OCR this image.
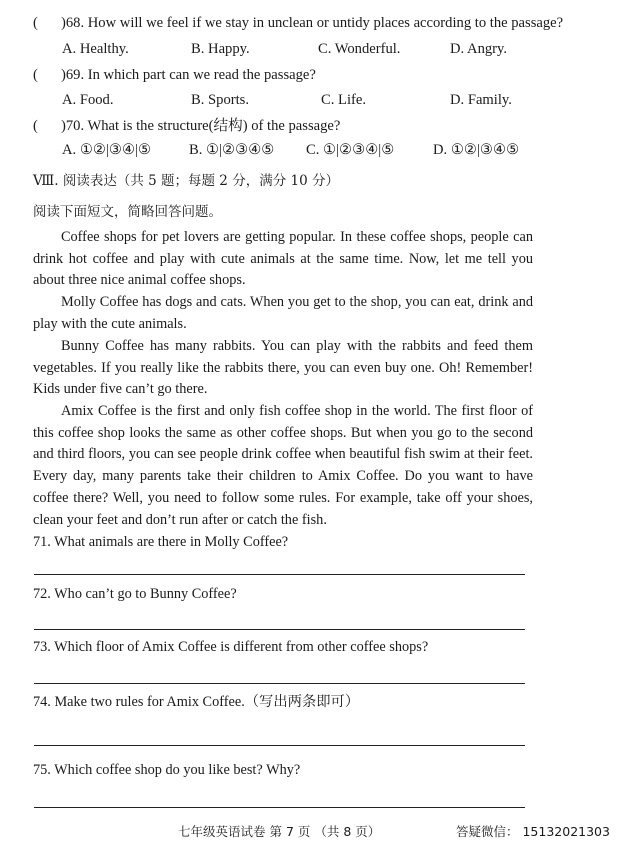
( )68. How will we feel if we stay in unclean or untidy places according to the passage?
A. Healthy.	B. Happy.	C. Wonderful.	D. Angry.
( )69. In which part can we read the passage?
A. Food.	B. Sports.	C. Life.	D. Family.
( )70. What is the structure(结构) of the passage?
A. ①②|③④|⑤	B. ①|②③④⑤ C. ①|②③④|⑤	D. ①②|③④⑤
Ⅷ. 阅读表达（共 5 题；每题 2 分，满分 10 分）
阅读下面短文，简略回答问题。
Coffee shops for pet lovers are getting popular. In these coffee shops, people can drink hot coffee and play with cute animals at the same time. Now, let me tell you about three nice animal coffee shops.
Molly Coffee has dogs and cats. When you get to the shop, you can eat, drink and play with the cute animals.
Bunny Coffee has many rabbits. You can play with the rabbits and feed them vegetables. If you really like the rabbits there, you can even buy one. Oh! Remember! Kids under five can’t go there.
Amix Coffee is the first and only fish coffee shop in the world. The first floor of this coffee shop looks the same as other coffee shops. But when you go to the second and third floors, you can see people drink coffee when beautiful fish swim at their feet. Every day, many parents take their children to Amix Coffee. Do you want to have coffee there? Well, you need to follow some rules. For example, take off your shoes, clean your feet and don’t run after or catch the fish.
71. What animals are there in Molly Coffee?
72. Who can’t go to Bunny Coffee?
73. Which floor of Amix Coffee is different from other coffee shops?
74. Make two rules for Amix Coffee.（写出两条即可）
75. Which coffee shop do you like best? Why?
七年级英语试卷 第 7 页 （共 8 页）	答疑微信： 15132021303
